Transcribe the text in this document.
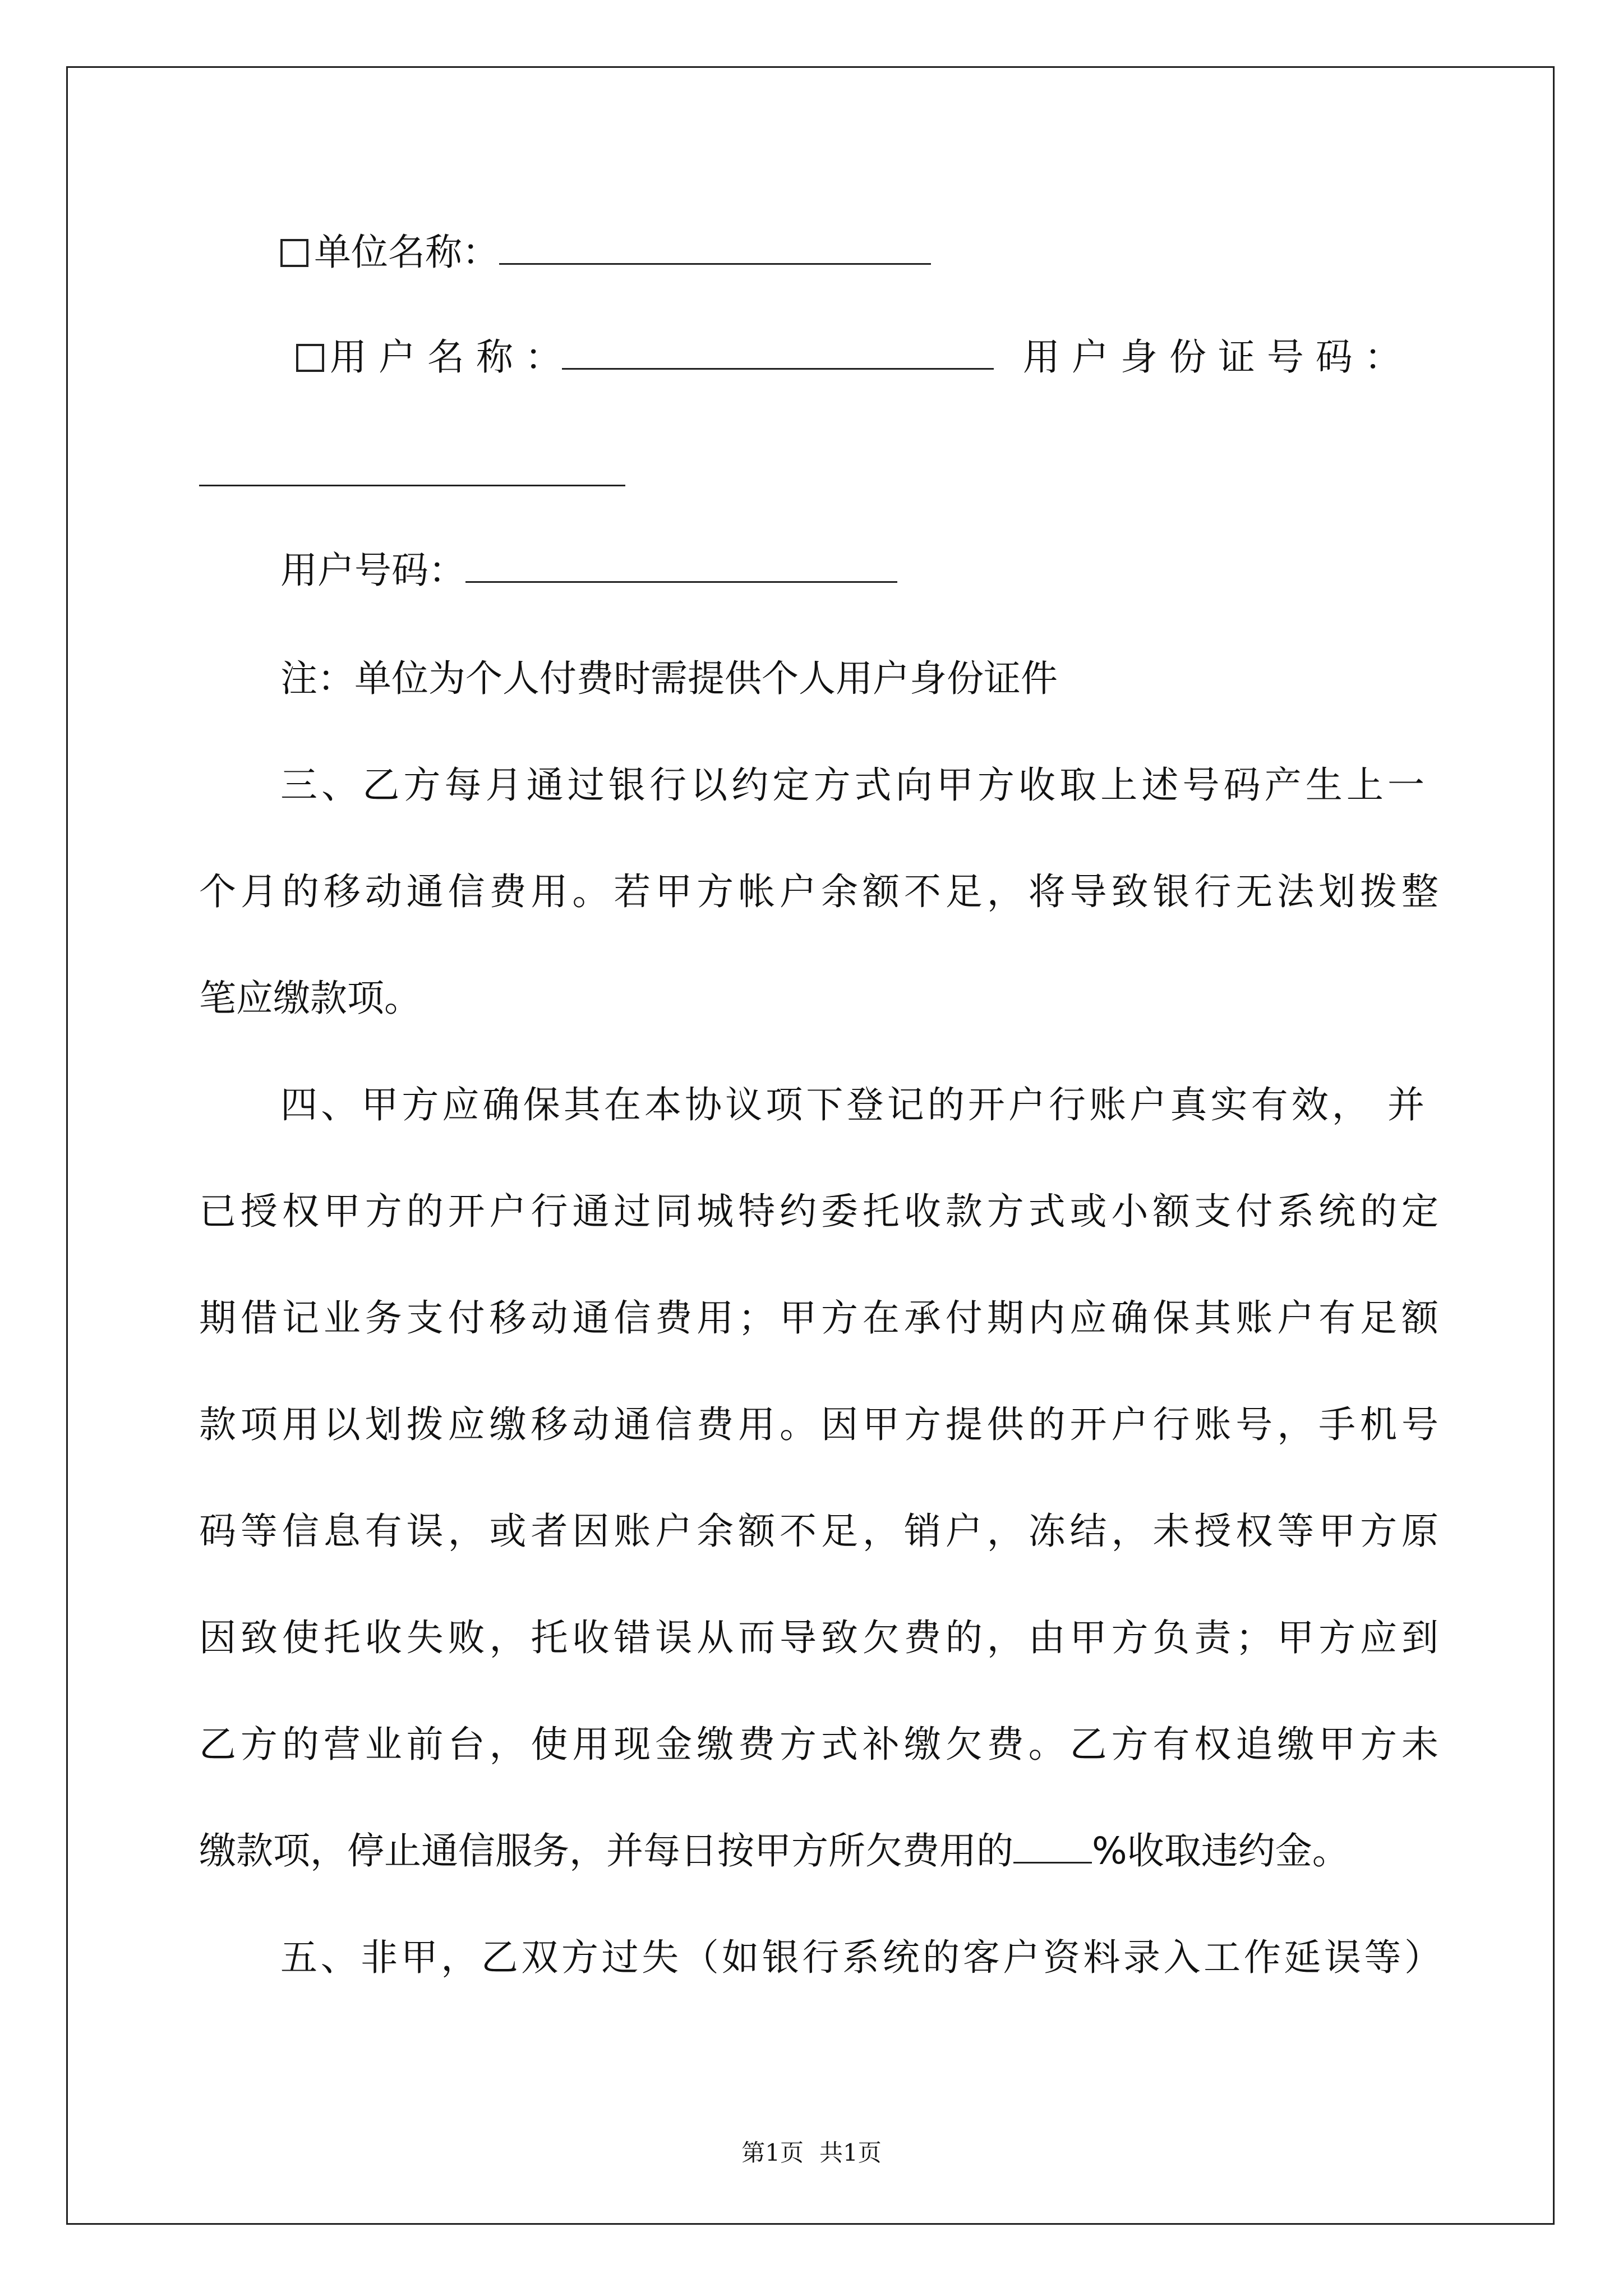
单位名称：
用 户 名 称 ：	用 户 身 份 证 号 码 ：
用户号码：
注：单位为个人付费时需提供个人用户身份证件
三、乙方每月通过银行以约定方式向甲方收取上述号码产生上一
个月的移动通信费用。若甲方帐户余额不足，将导致银行无法划拨整
笔应缴款项。
四、甲方应确保其在本协议项下登记的开户行账户真实有效， 并
已授权甲方的开户行通过同城特约委托收款方式或小额支付系统的定
期借记业务支付移动通信费用；甲方在承付期内应确保其账户有足额
款项用以划拨应缴移动通信费用。因甲方提供的开户行账号，手机号
码等信息有误，或者因账户余额不足，销户，冻结，未授权等甲方原
因致使托收失败，托收错误从而导致欠费的，由甲方负责；甲方应到
乙方的营业前台，使用现金缴费方式补缴欠费。乙方有权追缴甲方未
缴款项，停止通信服务，并每日按甲方所欠费用的 %收取违约金。
五、非甲，乙双方过失（如银行系统的客户资料录入工作延误等）
第1页 共1页
